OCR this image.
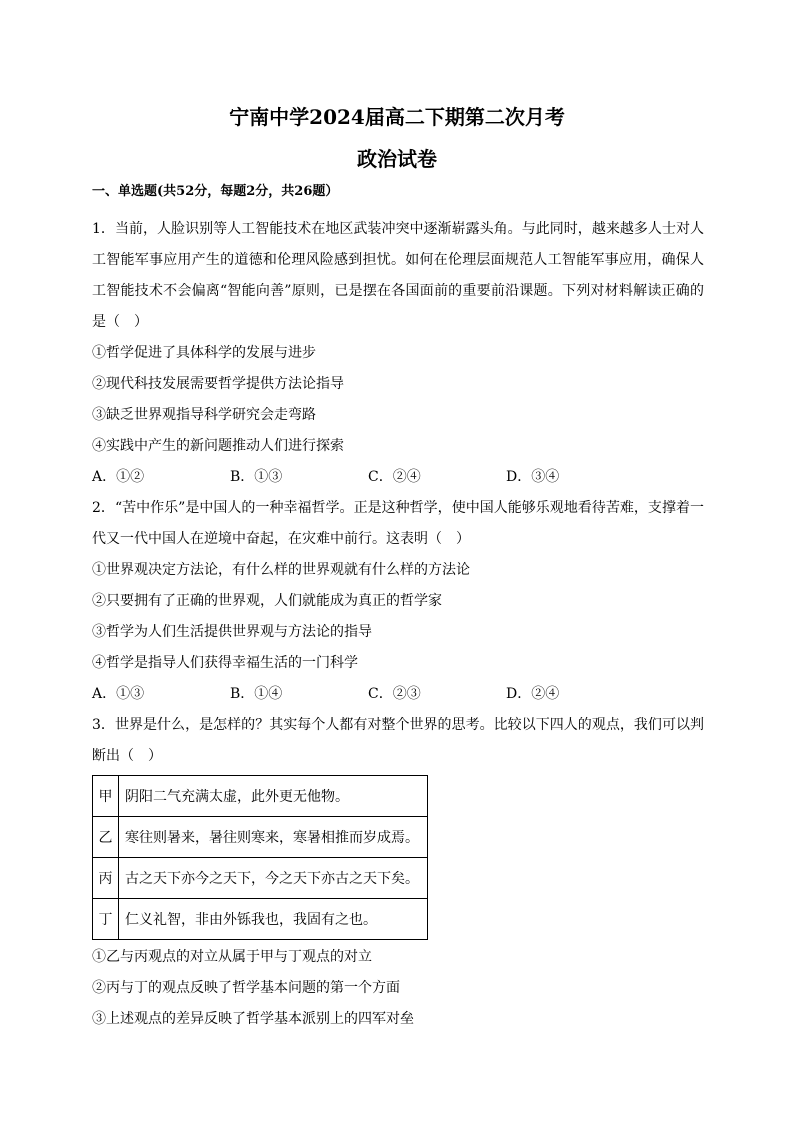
宁南中学2024届高二下期第二次月考
政治试卷
一、单选题(共52分，每题2分，共26题）

1．当前，人脸识别等人工智能技术在地区武装冲突中逐渐崭露头角。与此同时，越来越多人士对人工智能军事应用产生的道德和伦理风险感到担忧。如何在伦理层面规范人工智能军事应用，确保人工智能技术不会偏离“智能向善”原则，已是摆在各国面前的重要前沿课题。下列对材料解读正确的是（　）

①哲学促进了具体科学的发展与进步

②现代科技发展需要哲学提供方法论指导

③缺乏世界观指导科学研究会走弯路

④实践中产生的新问题推动人们进行探索

A．①②	B．①③	C．②④	D．③④

2．“苦中作乐”是中国人的一种幸福哲学。正是这种哲学，使中国人能够乐观地看待苦难，支撑着一代又一代中国人在逆境中奋起，在灾难中前行。这表明（　）

①世界观决定方法论，有什么样的世界观就有什么样的方法论

②只要拥有了正确的世界观，人们就能成为真正的哲学家

③哲学为人们生活提供世界观与方法论的指导

④哲学是指导人们获得幸福生活的一门科学

A．①③	B．①④	C．②③	D．②④

3．世界是什么，是怎样的？其实每个人都有对整个世界的思考。比较以下四人的观点，我们可以判断出（　）

甲	阴阳二气充满太虚，此外更无他物。
乙	寒往则暑来，暑往则寒来，寒暑相推而岁成焉。
丙	古之天下亦今之天下，今之天下亦古之天下矣。
丁	仁义礼智，非由外铄我也，我固有之也。

①乙与丙观点的对立从属于甲与丁观点的对立

②丙与丁的观点反映了哲学基本问题的第一个方面

③上述观点的差异反映了哲学基本派别上的四军对垒
